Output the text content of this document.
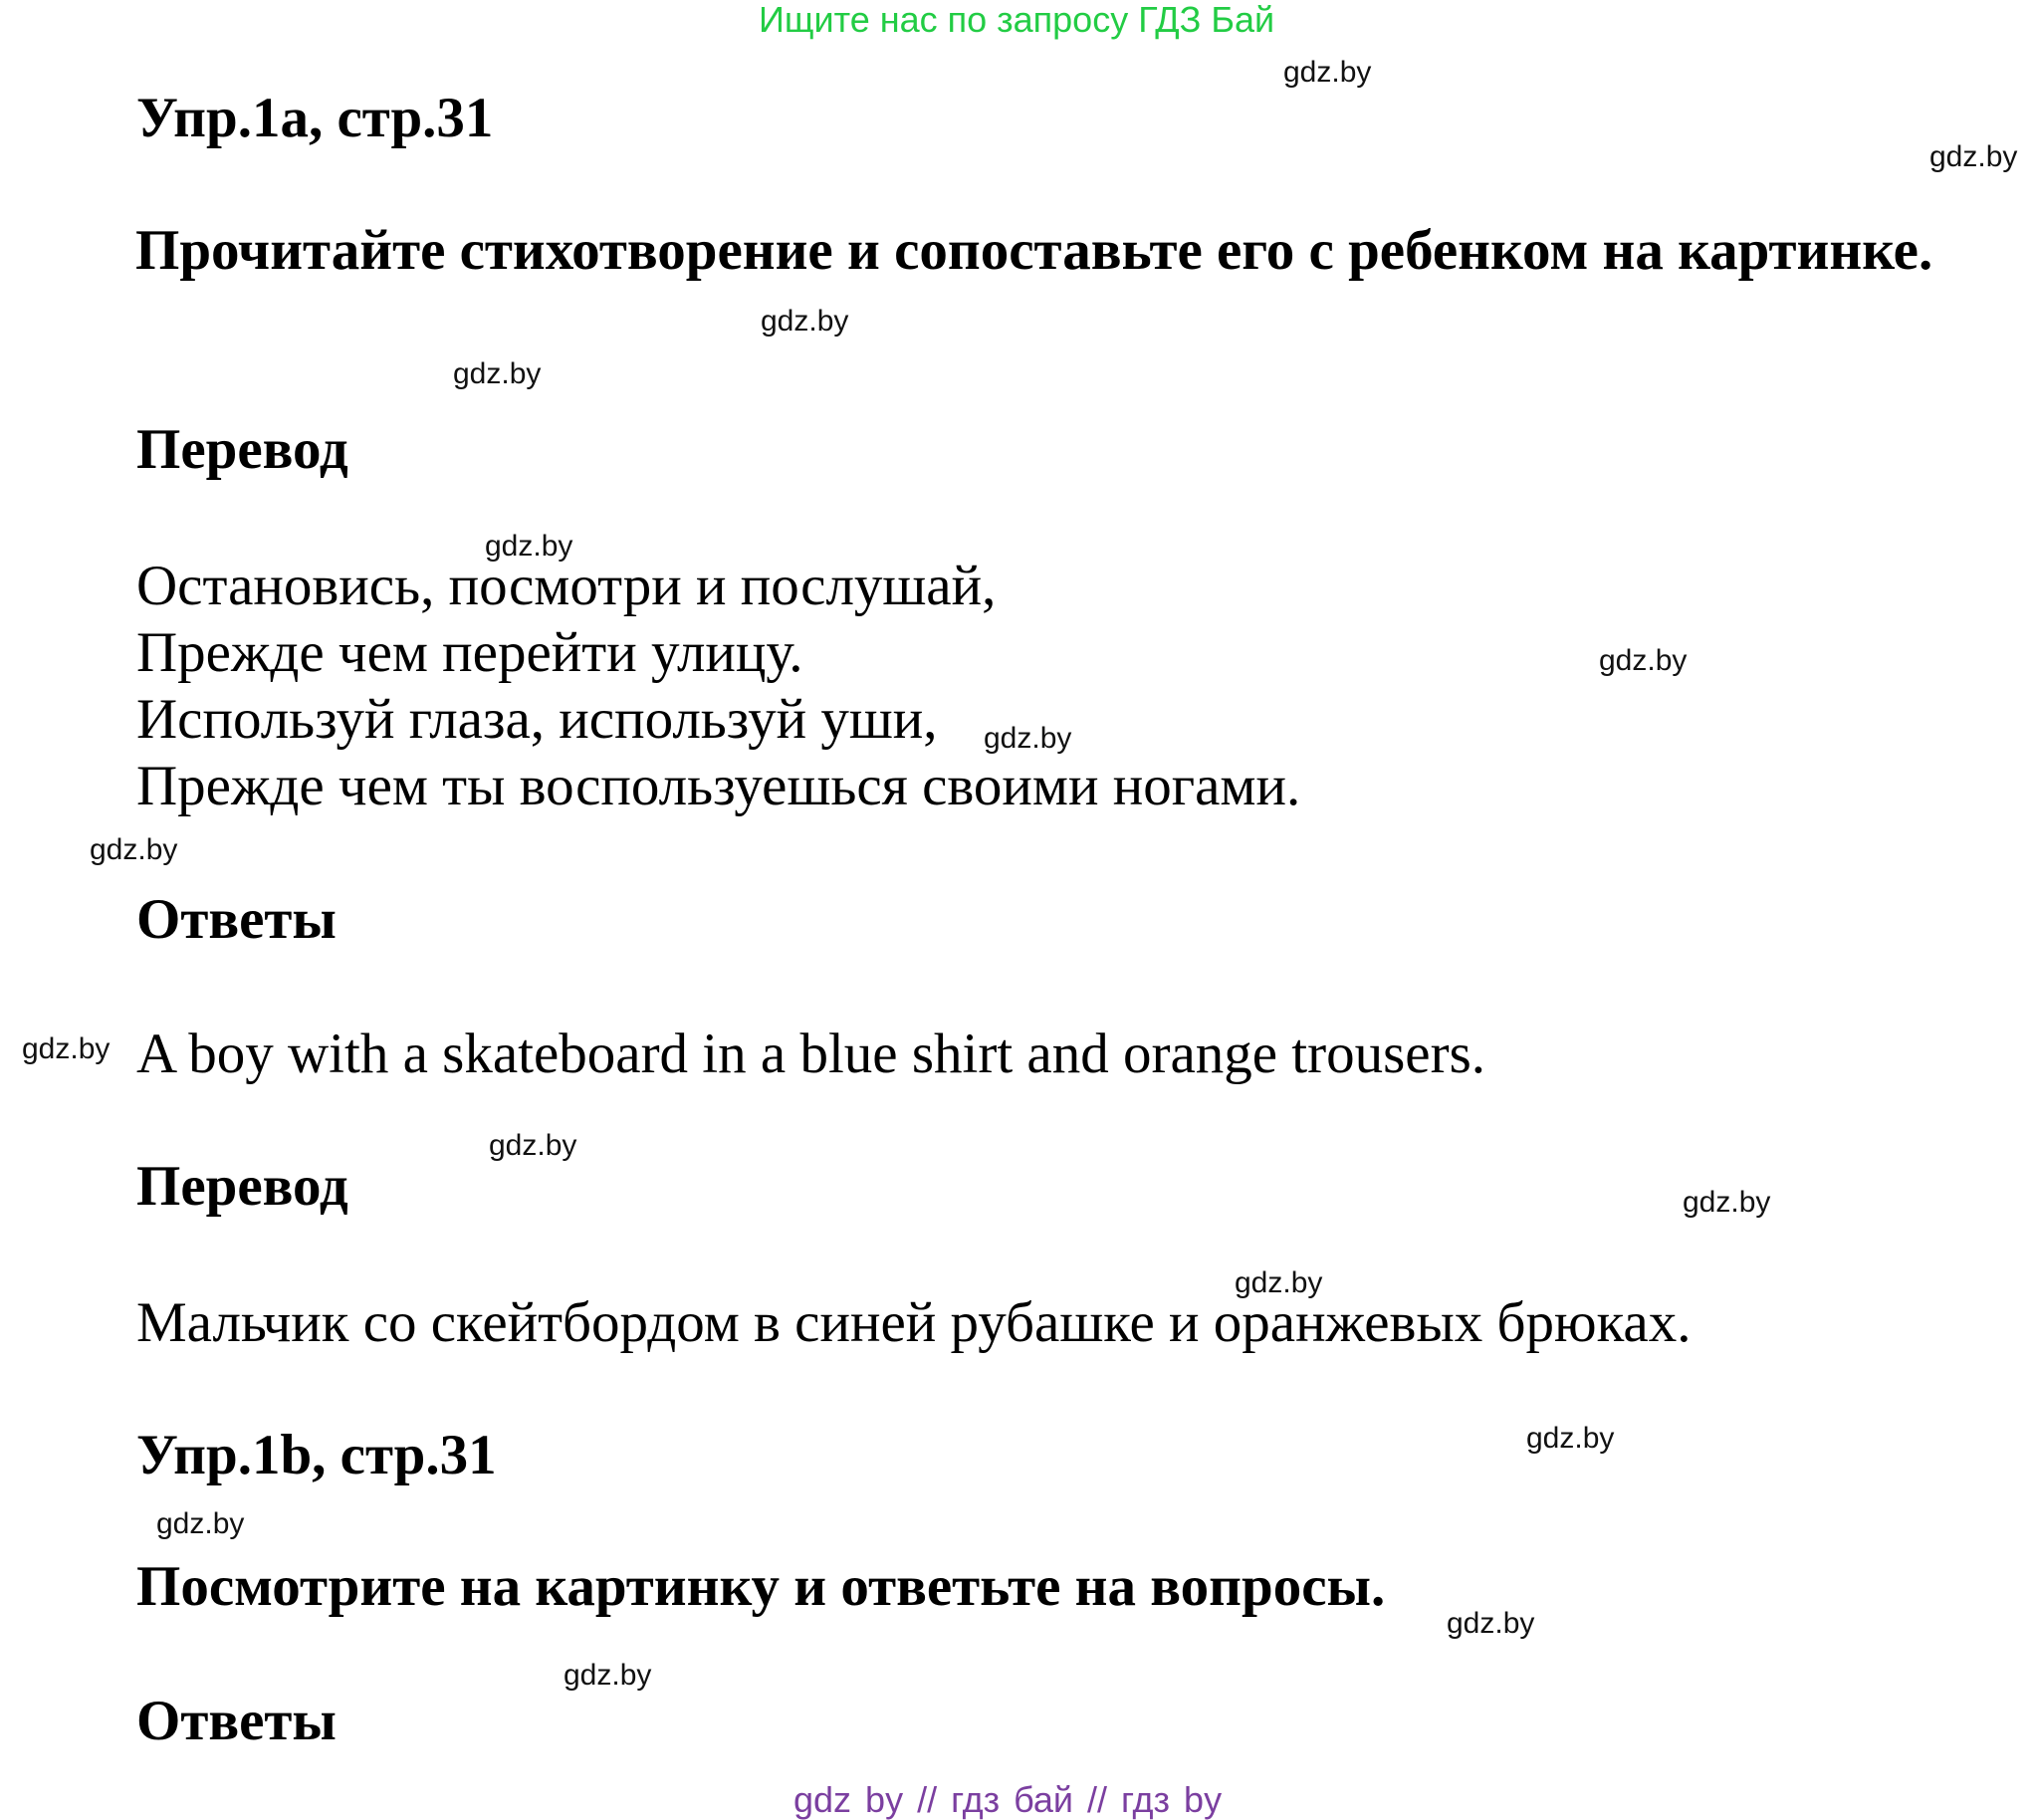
Ищите нас по запросу ГДЗ Бай
Упр.1a, стр.31
Прочитайте стихотворение и сопоставьте его с ребенком на картинке.
Перевод
Остановись, посмотри и послушай,
Прежде чем перейти улицу.
Используй глаза, используй уши,
Прежде чем ты воспользуешься своими ногами.
Ответы
A boy with a skateboard in a blue shirt and orange trousers.
Перевод
Мальчик со скейтбордом в синей рубашке и оранжевых брюках.
Упр.1b, стр.31
Посмотрите на картинку и ответьте на вопросы.
Ответы
gdz.by
gdz.by
gdz.by
gdz.by
gdz.by
gdz.by
gdz.by
gdz.by
gdz.by
gdz.by
gdz.by
gdz.by
gdz.by
gdz.by
gdz.by
gdz.by
gdz by // гдз бай // гдз by
